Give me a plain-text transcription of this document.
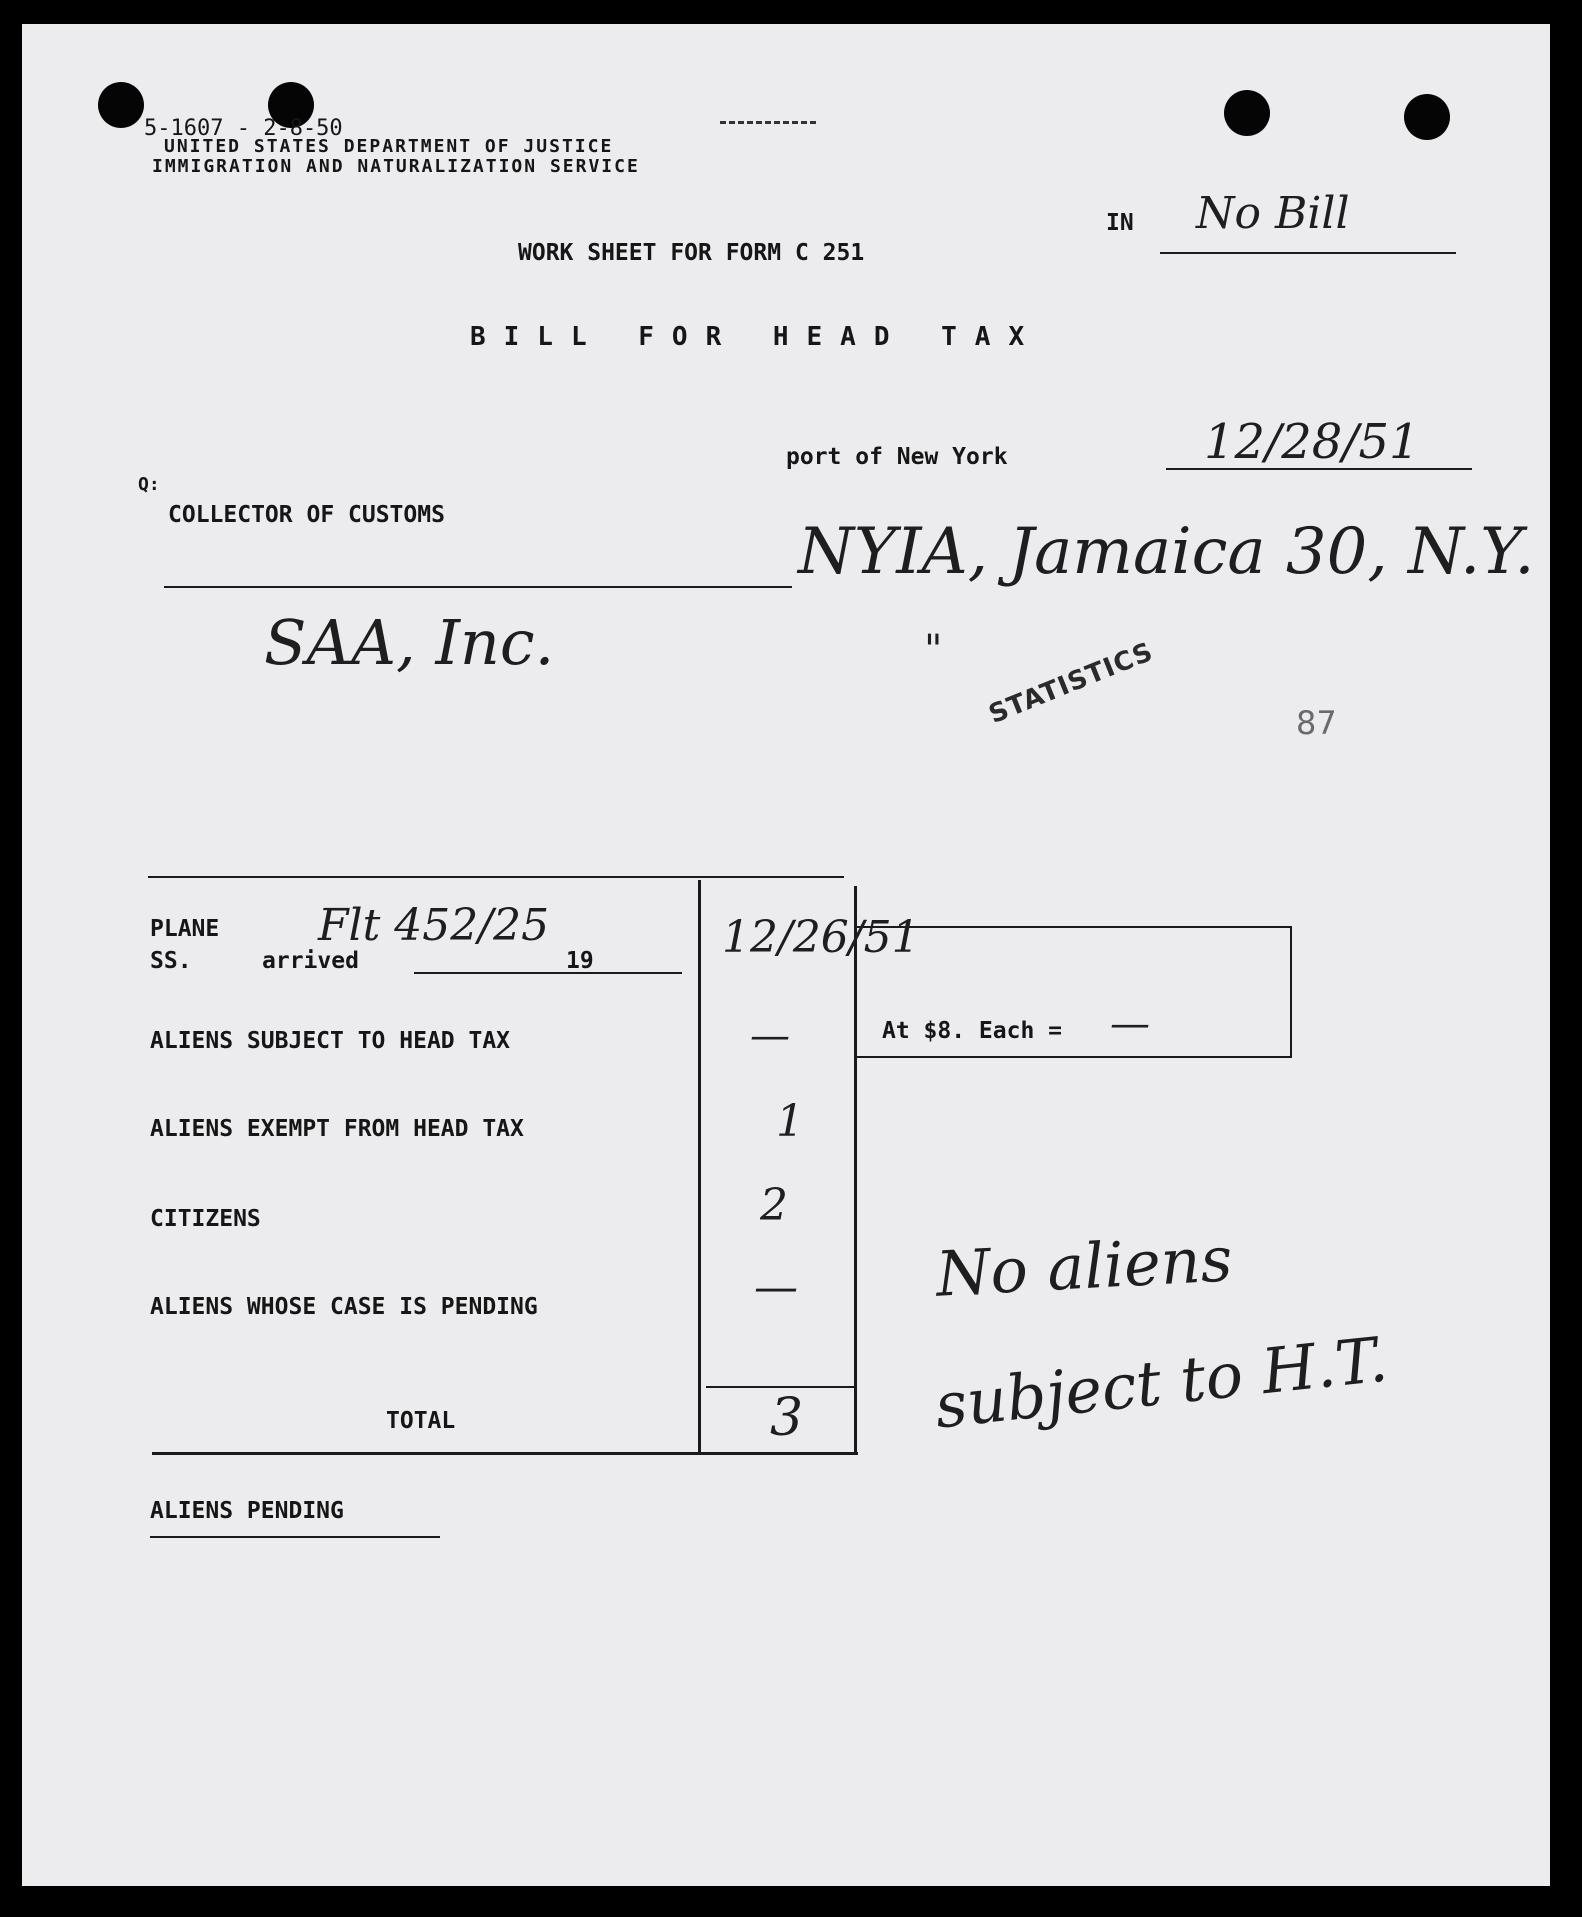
5-1607 - 2-8-50
UNITED STATES DEPARTMENT OF JUSTICE
IMMIGRATION AND NATURALIZATION SERVICE
WORK SHEET FOR FORM C 251
IN No Bill
BILL FOR HEAD TAX
port of New York	12/28/51
Q:
COLLECTOR OF CUSTOMS	NYIA, Jamaica 30, N.Y.
SAA, Inc.	" STATISTICS	87
At $8. Each = —
PLANE
SS.	arrived
Flt 452/25
19	12/26/51
ALIENS SUBJECT TO HEAD TAX	—
ALIENS EXEMPT FROM HEAD TAX	1
CITIZENS	2
ALIENS WHOSE CASE IS PENDING	—
TOTAL	3
No aliens
subject to H.T.
ALIENS PENDING
